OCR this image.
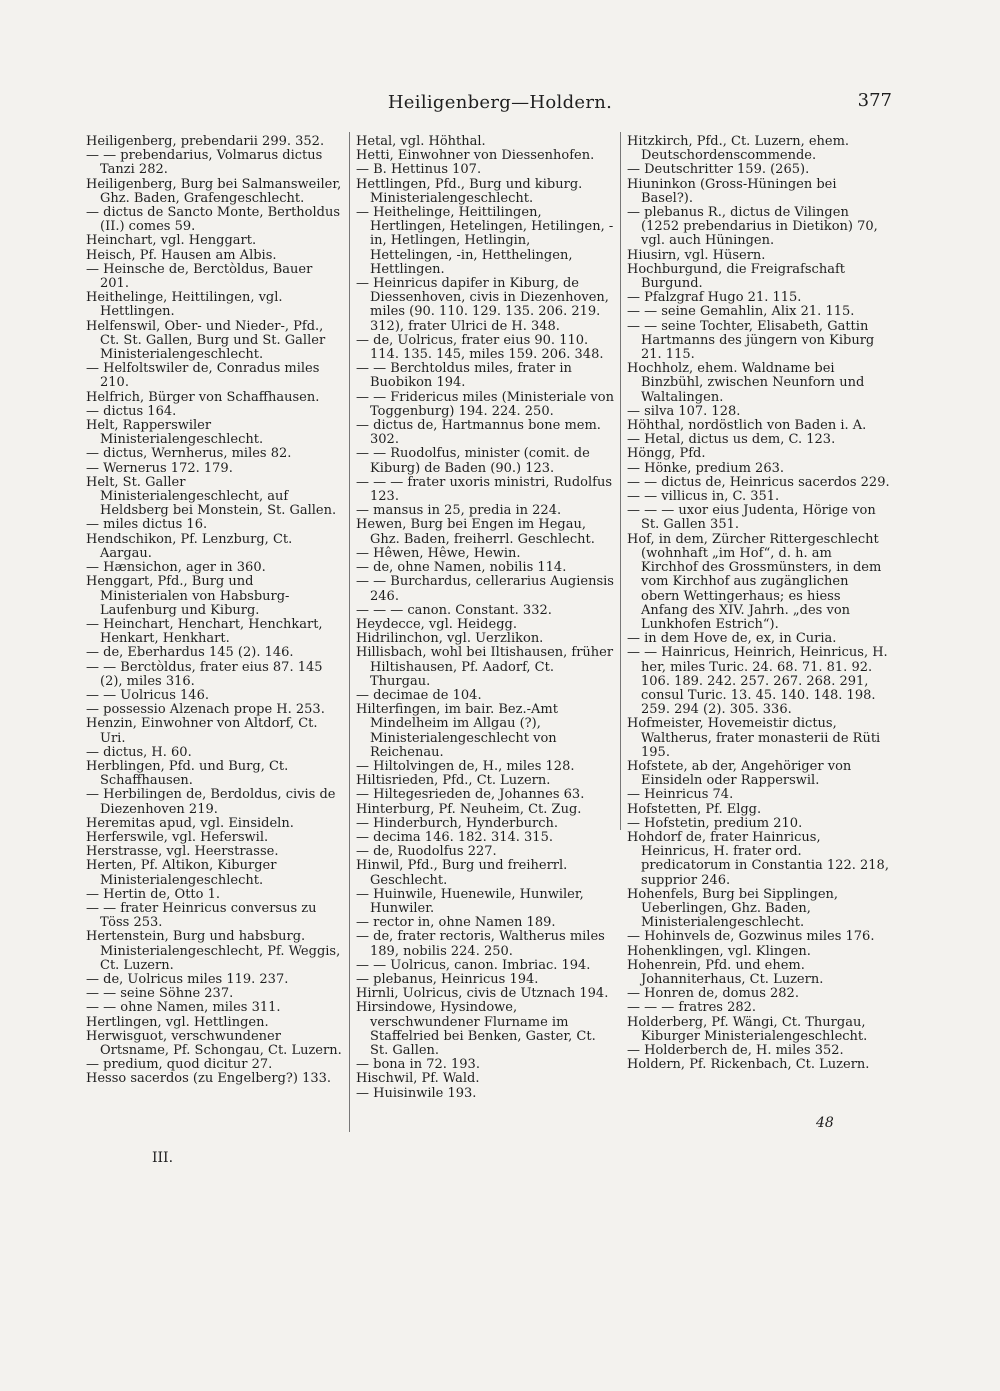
Heiligenberg—Holdern.	377

Heiligenberg, prebendarii 299. 352.

— — prebendarius, Volmarus dictus Tanzi 282.

Heiligenberg, Burg bei Salmansweiler, Ghz. Baden, Grafengeschlecht.

— dictus de Sancto Monte, Bertholdus (II.) comes 59.

Heinchart, vgl. Henggart.

Heisch, Pf. Hausen am Albis.

— Heinsche de, Berctòldus, Bauer 201.

Heithelinge, Heittilingen, vgl. Hettlingen.

Helfenswil, Ober- und Nieder-, Pfd., Ct. St. Gallen, Burg und St. Galler Ministerialengeschlecht.

— Helfoltswiler de, Conradus miles 210.

Helfrich, Bürger von Schaffhausen.

— dictus 164.

Helt, Rapperswiler Ministerialengeschlecht.

— dictus, Wernherus, miles 82.

— Wernerus 172. 179.

Helt, St. Galler Ministerialengeschlecht, auf Heldsberg bei Monstein, St. Gallen.

— miles dictus 16.

Hendschikon, Pf. Lenzburg, Ct. Aargau.

— Hænsichon, ager in 360.

Henggart, Pfd., Burg und Ministerialen von Habsburg-Laufenburg und Kiburg.

— Heinchart, Henchart, Henchkart, Henkart, Henkhart.

— de, Eberhardus 145 (2). 146.

— — Berctòldus, frater eius 87. 145 (2), miles 316.

— — Uolricus 146.

— possessio Alzenach prope H. 253.

Henzin, Einwohner von Altdorf, Ct. Uri.

— dictus, H. 60.

Herblingen, Pfd. und Burg, Ct. Schaffhausen.

— Herbilingen de, Berdoldus, civis de Diezenhoven 219.

Heremitas apud, vgl. Einsideln.

Herferswile, vgl. Heferswil.

Herstrasse, vgl. Heerstrasse.

Herten, Pf. Altikon, Kiburger Ministerialengeschlecht.

— Hertin de, Otto 1.

— — frater Heinricus conversus zu Töss 253.

Hertenstein, Burg und habsburg. Ministerialengeschlecht, Pf. Weggis, Ct. Luzern.

— de, Uolricus miles 119. 237.

— — seine Söhne 237.

— — ohne Namen, miles 311.

Hertlingen, vgl. Hettlingen.

Herwisguot, verschwundener Ortsname, Pf. Schongau, Ct. Luzern.

— predium, quod dicitur 27.

Hesso sacerdos (zu Engelberg?) 133.

Hetal, vgl. Höhthal.

Hetti, Einwohner von Diessenhofen.

— B. Hettinus 107.

Hettlingen, Pfd., Burg und kiburg. Ministerialengeschlecht.

— Heithelinge, Heittilingen, Hertlingen, Hetelingen, Hetilingen, -in, Hetlingen, Hetlingin, Hettelingen, -in, Hetthelingen, Hettlingen.

— Heinricus dapifer in Kiburg, de Diessenhoven, civis in Diezenhoven, miles (90. 110. 129. 135. 206. 219. 312), frater Ulrici de H. 348.

— de, Uolricus, frater eius 90. 110. 114. 135. 145, miles 159. 206. 348.

— — Berchtoldus miles, frater in Buobikon 194.

— — Fridericus miles (Ministeriale von Toggenburg) 194. 224. 250.

— dictus de, Hartmannus bone mem. 302.

— — Ruodolfus, minister (comit. de Kiburg) de Baden (90.) 123.

— — — frater uxoris ministri, Rudolfus 123.

— mansus in 25, predia in 224.

Hewen, Burg bei Engen im Hegau, Ghz. Baden, freiherrl. Geschlecht.

— Hêwen, Hêwe, Hewin.

— de, ohne Namen, nobilis 114.

— — Burchardus, cellerarius Augiensis 246.

— — — canon. Constant. 332.

Heydecce, vgl. Heidegg.

Hidrilinchon, vgl. Uerzlikon.

Hillisbach, wohl bei Iltishausen, früher Hiltishausen, Pf. Aadorf, Ct. Thurgau.

— decimae de 104.

Hilterfingen, im bair. Bez.-Amt Mindelheim im Allgau (?), Ministerialengeschlecht von Reichenau.

— Hiltolvingen de, H., miles 128.

Hiltisrieden, Pfd., Ct. Luzern.

— Hiltegesrieden de, Johannes 63.

Hinterburg, Pf. Neuheim, Ct. Zug.

— Hinderburch, Hynderburch.

— decima 146. 182. 314. 315.

— de, Ruodolfus 227.

Hinwil, Pfd., Burg und freiherrl. Geschlecht.

— Huinwile, Huenewile, Hunwiler, Hunwiler.

— rector in, ohne Namen 189.

— de, frater rectoris, Waltherus miles 189, nobilis 224. 250.

— — Uolricus, canon. Imbriac. 194.

— plebanus, Heinricus 194.

Hirnli, Uolricus, civis de Utznach 194.

Hirsindowe, Hysindowe, verschwundener Flurname im Staffelried bei Benken, Gaster, Ct. St. Gallen.

— bona in 72. 193.

Hischwil, Pf. Wald.

— Huisinwile 193.

Hitzkirch, Pfd., Ct. Luzern, ehem. Deutschordenscommende.

— Deutschritter 159. (265).

Hiuninkon (Gross-Hüningen bei Basel?).

— plebanus R., dictus de Vilingen (1252 prebendarius in Dietikon) 70, vgl. auch Hüningen.

Hiusirn, vgl. Hüsern.

Hochburgund, die Freigrafschaft Burgund.

— Pfalzgraf Hugo 21. 115.

— — seine Gemahlin, Alix 21. 115.

— — seine Tochter, Elisabeth, Gattin Hartmanns des jüngern von Kiburg 21. 115.

Hochholz, ehem. Waldname bei Binzbühl, zwischen Neunforn und Waltalingen.

— silva 107. 128.

Höhthal, nordöstlich von Baden i. A.

— Hetal, dictus us dem, C. 123.

Höngg, Pfd.

— Hönke, predium 263.

— — dictus de, Heinricus sacerdos 229.

— — villicus in, C. 351.

— — — uxor eius Judenta, Hörige von St. Gallen 351.

Hof, in dem, Zürcher Rittergeschlecht (wohnhaft „im Hof“, d. h. am Kirchhof des Grossmünsters, in dem vom Kirchhof aus zugänglichen obern Wettingerhaus; es hiess Anfang des XIV. Jahrh. „des von Lunkhofen Estrich“).

— in dem Hove de, ex, in Curia.

— — Hainricus, Heinrich, Heinricus, H. her, miles Turic. 24. 68. 71. 81. 92. 106. 189. 242. 257. 267. 268. 291, consul Turic. 13. 45. 140. 148. 198. 259. 294 (2). 305. 336.

Hofmeister, Hovemeistir dictus, Waltherus, frater monasterii de Rüti 195.

Hofstete, ab der, Angehöriger von Einsideln oder Rapperswil.

— Heinricus 74.

Hofstetten, Pf. Elgg.

— Hofstetin, predium 210.

Hohdorf de, frater Hainricus, Heinricus, H. frater ord. predicatorum in Constantia 122. 218, supprior 246.

Hohenfels, Burg bei Sipplingen, Ueberlingen, Ghz. Baden, Ministerialengeschlecht.

— Hohinvels de, Gozwinus miles 176.

Hohenklingen, vgl. Klingen.

Hohenrein, Pfd. und ehem. Johanniterhaus, Ct. Luzern.

— Honren de, domus 282.

— — — fratres 282.

Holderberg, Pf. Wängi, Ct. Thurgau, Kiburger Ministerialengeschlecht.

— Holderberch de, H. miles 352.

Holdern, Pf. Rickenbach, Ct. Luzern.

III.
48
